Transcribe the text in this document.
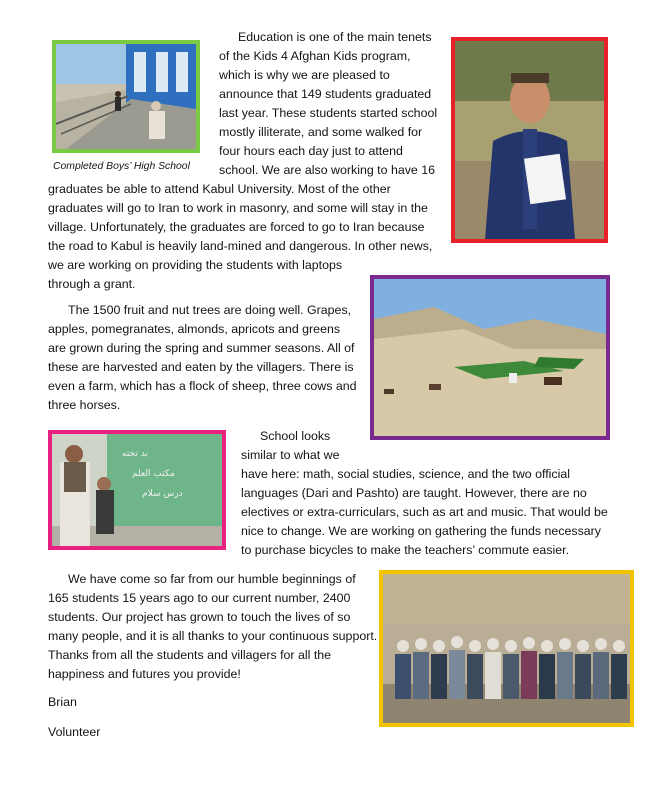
Completed Boys’ High School
بد تخته
مكتب العلم
درس سلام
Education is one of the main tenets
of the Kids 4 Afghan Kids program,
which is why we are pleased to
announce that 149 students graduated
last year. These students started school
mostly illiterate, and some walked for
four hours each day just to attend
school. We are also working to have 16
graduates be able to attend Kabul University. Most of the other
graduates will go to Iran to work in masonry, and some will stay in the
village. Unfortunately, the graduates are forced to go to Iran because
the road to Kabul is heavily land-mined and dangerous. In other news,
we are working on providing the students with laptops
through a grant.
The 1500 fruit and nut trees are doing well. Grapes,
apples, pomegranates, almonds, apricots and greens
are grown during the spring and summer seasons. All of
these are harvested and eaten by the villagers. There is
even a farm, which has a flock of sheep, three cows and
three horses.
School looks
similar to what we
have here: math, social studies, science, and the two official
languages (Dari and Pashto) are taught. However, there are no
electives or extra-curriculars, such as art and music. That would be
nice to change. We are working on gathering the funds necessary
to purchase bicycles to make the teachers’ commute easier.
We have come so far from our humble beginnings of
165 students 15 years ago to our current number, 2400
students. Our project has grown to touch the lives of so
many people, and it is all thanks to your continuous support.
Thanks from all the students and villagers for all the
happiness and futures you provide!
Brian
Volunteer
